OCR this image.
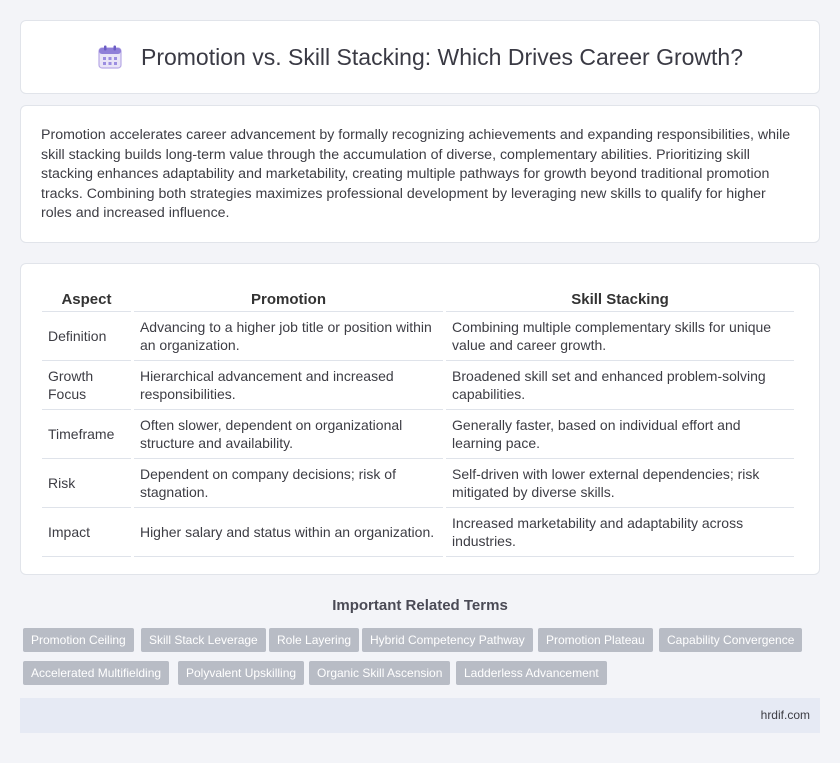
Promotion vs. Skill Stacking: Which Drives Career Growth?

Promotion accelerates career advancement by formally recognizing achievements and expanding responsibilities, while skill stacking builds long-term value through the accumulation of diverse, complementary abilities. Prioritizing skill stacking enhances adaptability and marketability, creating multiple pathways for growth beyond traditional promotion tracks. Combining both strategies maximizes professional development by leveraging new skills to qualify for higher roles and increased influence.

Aspect	Promotion	Skill Stacking
Definition	Advancing to a higher job title or position within an organization.	Combining multiple complementary skills for unique value and career growth.
Growth Focus	Hierarchical advancement and increased responsibilities.	Broadened skill set and enhanced problem-solving capabilities.
Timeframe	Often slower, dependent on organizational structure and availability.	Generally faster, based on individual effort and learning pace.
Risk	Dependent on company decisions; risk of stagnation.	Self-driven with lower external dependencies; risk mitigated by diverse skills.
Impact	Higher salary and status within an organization.	Increased marketability and adaptability across industries.
Important Related Terms
Promotion Ceiling	Skill Stack Leverage	Role Layering	Hybrid Competency Pathway	Promotion Plateau	Capability Convergence
Accelerated Multifielding	Polyvalent Upskilling	Organic Skill Ascension	Ladderless Advancement
hrdif.com
